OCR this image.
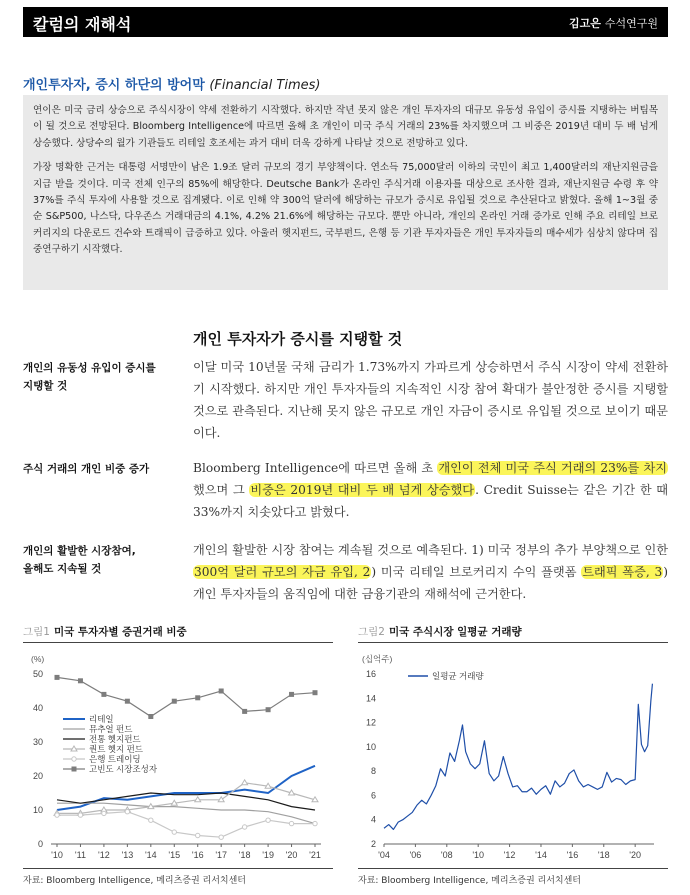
칼럼의 재해석	김고은 수석연구원
개인투자자, 증시 하단의 방어막 (Financial Times)

연이은 미국 금리 상승으로 주식시장이 약세 전환하기 시작했다. 하지만 작년 못지 않은 개인 투자자의 대규모 유동성 유입이 증시를 지탱하는 버팀목이 될 것으로 전망된다. Bloomberg Intelligence에 따르면 올해 초 개인이 미국 주식 거래의 23%를 차지했으며 그 비중은 2019년 대비 두 배 넘게 상승했다. 상당수의 월가 기관들도 리테일 호조세는 과거 대비 더욱 강하게 나타날 것으로 전망하고 있다.

가장 명확한 근거는 대통령 서명만이 남은 1.9조 달러 규모의 경기 부양책이다. 연소득 75,000달러 이하의 국민이 최고 1,400달러의 재난지원금을 지급 받을 것이다. 미국 전체 인구의 85%에 해당한다. Deutsche Bank가 온라인 주식거래 이용자를 대상으로 조사한 결과, 재난지원금 수령 후 약 37%를 주식 투자에 사용할 것으로 집계됐다. 이로 인해 약 300억 달러에 해당하는 규모가 증시로 유입될 것으로 추산된다고 밝혔다. 올해 1~3월 중순 S&P500, 나스닥, 다우존스 거래대금의 4.1%, 4.2% 21.6%에 해당하는 규모다. 뿐만 아니라, 개인의 온라인 거래 증가로 인해 주요 리테일 브로커리지의 다운로드 건수와 트래픽이 급증하고 있다. 아울러 헷지펀드, 국부펀드, 은행 등 기관 투자자들은 개인 투자자들의 매수세가 심상치 않다며 집중연구하기 시작했다.

개인 투자자가 증시를 지탱할 것
개인의 유동성 유입이 증시를
지탱할 것
이달 미국 10년물 국채 금리가 1.73%까지 가파르게 상승하면서 주식 시장이 약세 전환하기 시작했다. 하지만 개인 투자자들의 지속적인 시장 참여 확대가 불안정한 증시를 지탱할 것으로 관측된다. 지난해 못지 않은 규모로 개인 자금이 증시로 유입될 것으로 보이기 때문이다.
주식 거래의 개인 비중 증가	Bloomberg Intelligence에 따르면 올해 초 개인이 전체 미국 주식 거래의 23%를 차지했으며 그 비중은 2019년 대비 두 배 넘게 상승했다. Credit Suisse는 같은 기간 한 때 33%까지 치솟았다고 밝혔다.
개인의 활발한 시장참여,
올해도 지속될 것
개인의 활발한 시장 참여는 계속될 것으로 예측된다. 1) 미국 정부의 추가 부양책으로 인한 300억 달러 규모의 자금 유입, 2) 미국 리테일 브로커리지 수익 플랫폼 트래픽 폭증, 3)개인 투자자들의 움직임에 대한 금융기관의 재해석에 근거한다.
그림1 미국 투자자별 증권거래 비중
(%)
0
10
20
30
40
50
'10 '11 '12 '13 '14 '15 '16 '17 '18 '19 '20 '21
리테일
뮤추얼 펀드
전통 헷지펀드
퀀트 헷지 펀드
은행 트레이딩
고빈도 시장조성자
자료: Bloomberg Intelligence, 메리츠증권 리서치센터
그림2 미국 주식시장 일평균 거래량
(십억주)
2
4
6
8
10
12
14
16
'04 '06 '08 '10 '12 '14 '16 '18 '20
일평균 거래량
자료: Bloomberg Intelligence, 메리츠증권 리서치센터
